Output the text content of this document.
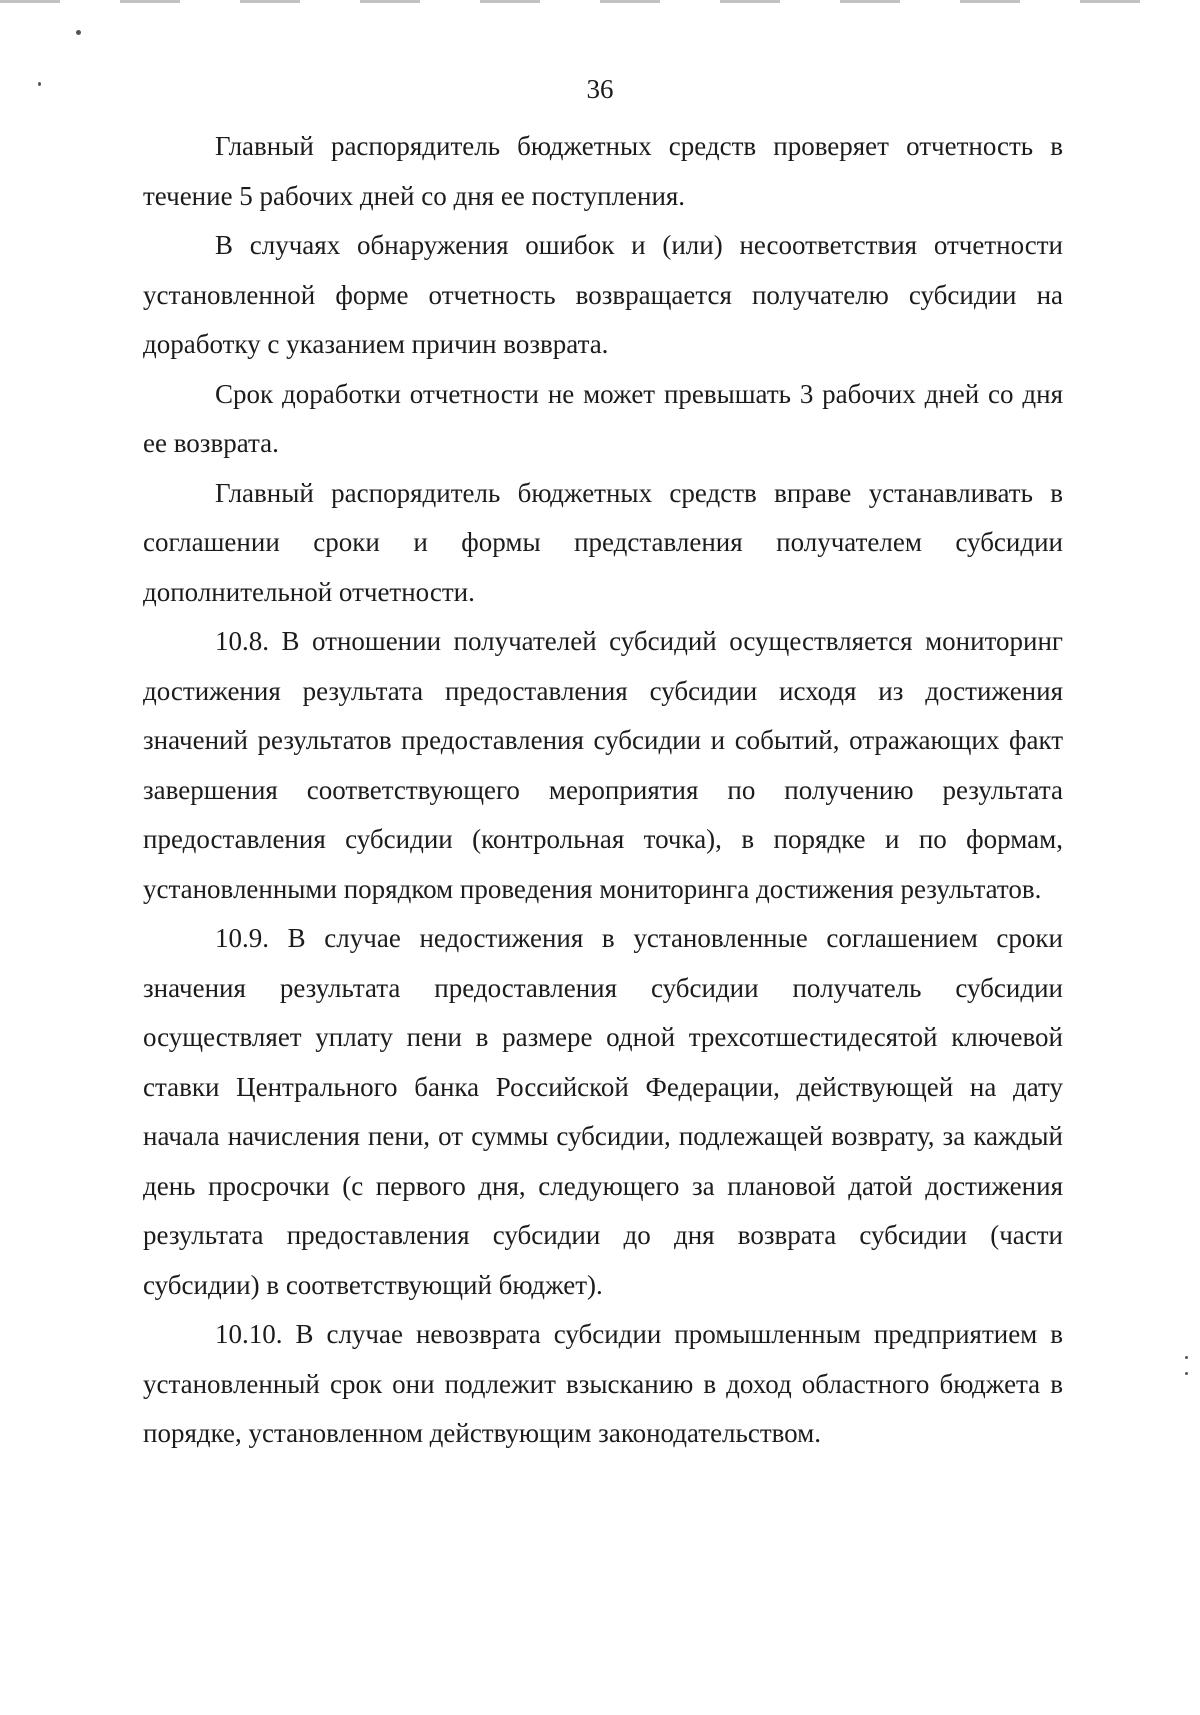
36

Главный распорядитель бюджетных средств проверяет отчетность в течение 5 рабочих дней со дня ее поступления.

В случаях обнаружения ошибок и (или) несоответствия отчетности установленной форме отчетность возвращается получателю субсидии на доработку с указанием причин возврата.

Срок доработки отчетности не может превышать 3 рабочих дней со дня ее возврата.

Главный распорядитель бюджетных средств вправе устанавливать в соглашении сроки и формы представления получателем субсидии дополнительной отчетности.

10.8. В отношении получателей субсидий осуществляется мониторинг достижения результата предоставления субсидии исходя из достижения значений результатов предоставления субсидии и событий, отражающих факт завершения соответствующего мероприятия по получению результата предоставления субсидии (контрольная точка), в порядке и по формам, установленными порядком проведения мониторинга достижения результатов.

10.9. В случае недостижения в установленные соглашением сроки значения результата предоставления субсидии получатель субсидии осуществляет уплату пени в размере одной трехсотшестидесятой ключевой ставки Центрального банка Российской Федерации, действующей на дату начала начисления пени, от суммы субсидии, подлежащей возврату, за каждый день просрочки (с первого дня, следующего за плановой датой достижения результата предоставления субсидии до дня возврата субсидии (части субсидии) в соответствующий бюджет).

10.10. В случае невозврата субсидии промышленным предприятием в установленный срок они подлежит взысканию в доход областного бюджета в порядке, установленном действующим законодательством.
